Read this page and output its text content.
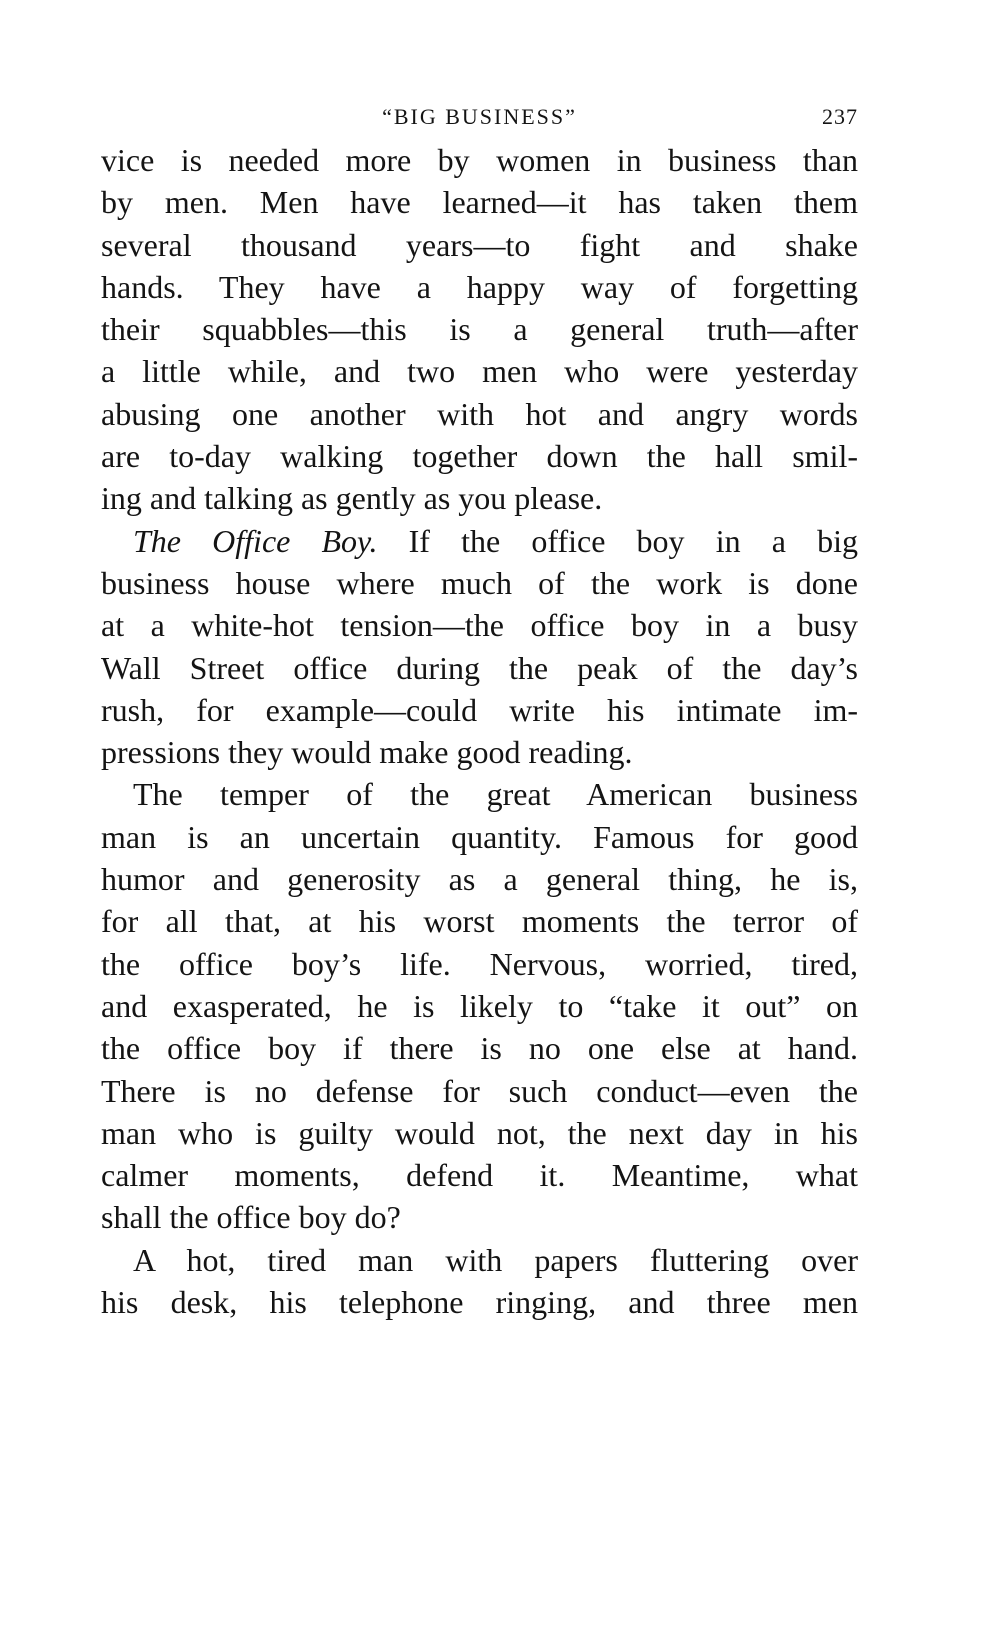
“BIG BUSINESS”	237
vice is needed more by women in business than
by men. Men have learned—it has taken them
several thousand years—to fight and shake
hands. They have a happy way of forgetting
their squabbles—this is a general truth—after
a little while, and two men who were yesterday
abusing one another with hot and angry words
are to-day walking together down the hall smil-
ing and talking as gently as you please.
The Office Boy. If the office boy in a big
business house where much of the work is done
at a white-hot tension—the office boy in a busy
Wall Street office during the peak of the day’s
rush, for example—could write his intimate im-
pressions they would make good reading.
The temper of the great American business
man is an uncertain quantity. Famous for good
humor and generosity as a general thing, he is,
for all that, at his worst moments the terror of
the office boy’s life. Nervous, worried, tired,
and exasperated, he is likely to “take it out” on
the office boy if there is no one else at hand.
There is no defense for such conduct—even the
man who is guilty would not, the next day in his
calmer moments, defend it. Meantime, what
shall the office boy do?
A hot, tired man with papers fluttering over
his desk, his telephone ringing, and three men
